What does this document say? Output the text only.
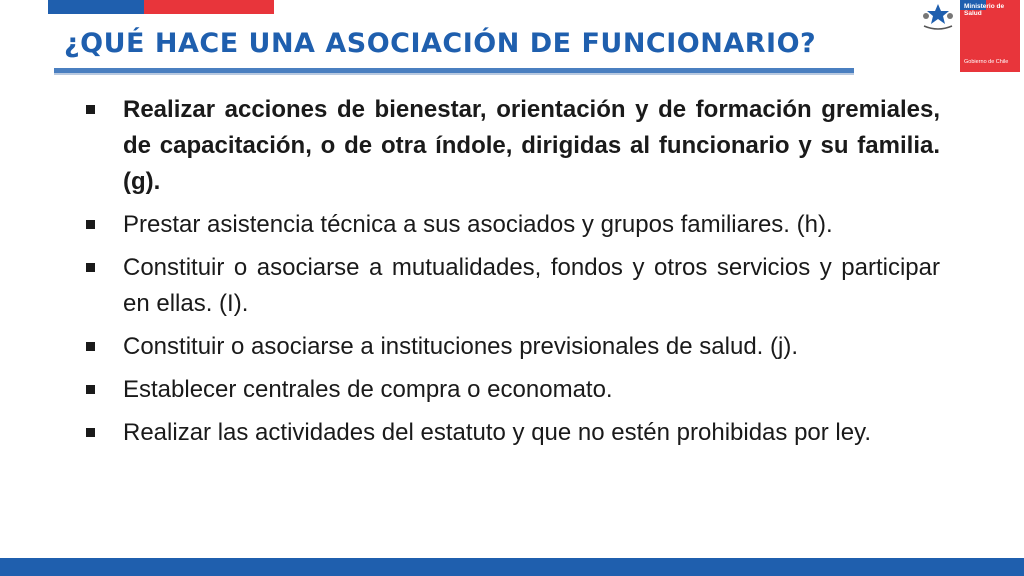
¿QUÉ HACE UNA ASOCIACIÓN DE FUNCIONARIO?
Ministerio de Salud
Gobierno de Chile
Realizar acciones de bienestar, orientación y de formación gremiales, de capacitación, o de otra índole, dirigidas al funcionario y su familia. (g).
Prestar asistencia técnica a sus asociados y grupos familiares. (h).
Constituir o asociarse a mutualidades, fondos y otros servicios y participar en ellas. (I).
Constituir o asociarse a instituciones previsionales de salud. (j).
Establecer centrales de compra o economato.
Realizar las actividades del estatuto y que no estén prohibidas por ley.
